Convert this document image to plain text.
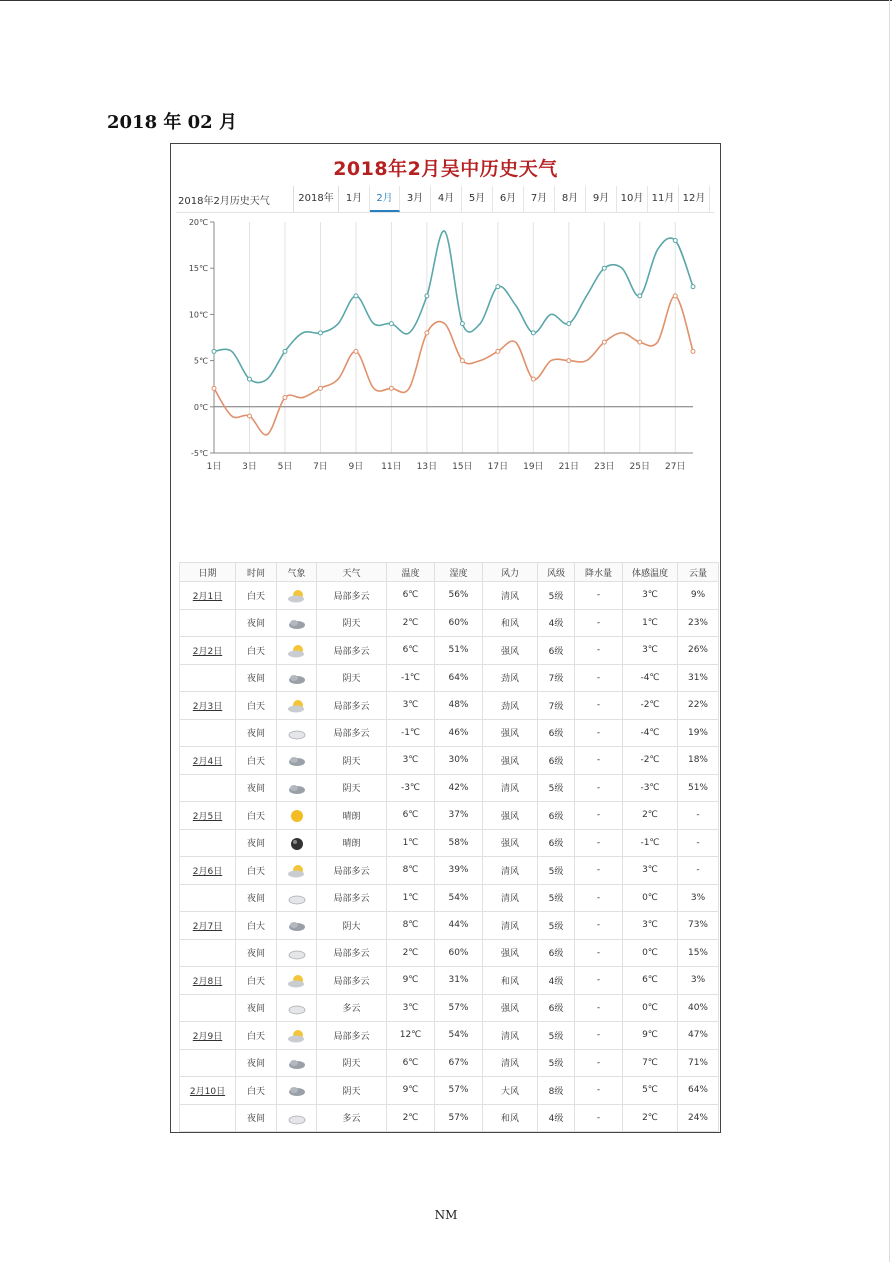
2018 年 02 月
2018年2月吴中历史天气
2018年2月历史天气	2018年	1月	2月	3月	4月	5月	6月	7月	8月	9月	10月 11月 12月
1日 3日 5日 7日 9日 11日 13日 15日 17日 19日 21日 23日 25日 27日
-5℃
0℃
5℃
10℃
15℃
20℃
日期	时间	气象	天气	温度	湿度	风力	风级	降水量	体感温度	云量
2月1日	白天		局部多云	6℃	56%	清风	5级	-	3℃	9%
	夜间		阴天	2℃	60%	和风	4级	-	1℃	23%
2月2日	白天		局部多云	6℃	51%	强风	6级	-	3℃	26%
	夜间		阴天	-1℃	64%	劲风	7级	-	-4℃	31%
2月3日	白天		局部多云	3℃	48%	劲风	7级	-	-2℃	22%
	夜间		局部多云	-1℃	46%	强风	6级	-	-4℃	19%
2月4日	白天		阴天	3℃	30%	强风	6级	-	-2℃	18%
	夜间		阴天	-3℃	42%	清风	5级	-	-3℃	51%
2月5日	白天		晴朗	6℃	37%	强风	6级	-	2℃	-
	夜间		晴朗	1℃	58%	强风	6级	-	-1℃	-
2月6日	白天		局部多云	8℃	39%	清风	5级	-	3℃	-
	夜间		局部多云	1℃	54%	清风	5级	-	0℃	3%
2月7日	白大		阴大	8℃	44%	清风	5级	-	3℃	73%
	夜间		局部多云	2℃	60%	强风	6级	-	0℃	15%
2月8日	白天		局部多云	9℃	31%	和风	4级	-	6℃	3%
	夜间		多云	3℃	57%	强风	6级	-	0℃	40%
2月9日	白天		局部多云	12℃	54%	清风	5级	-	9℃	47%
	夜间		阴天	6℃	67%	清风	5级	-	7℃	71%
2月10日	白天		阴天	9℃	57%	大风	8级	-	5℃	64%
	夜间		多云	2℃	57%	和风	4级	-	2℃	24%
NM
